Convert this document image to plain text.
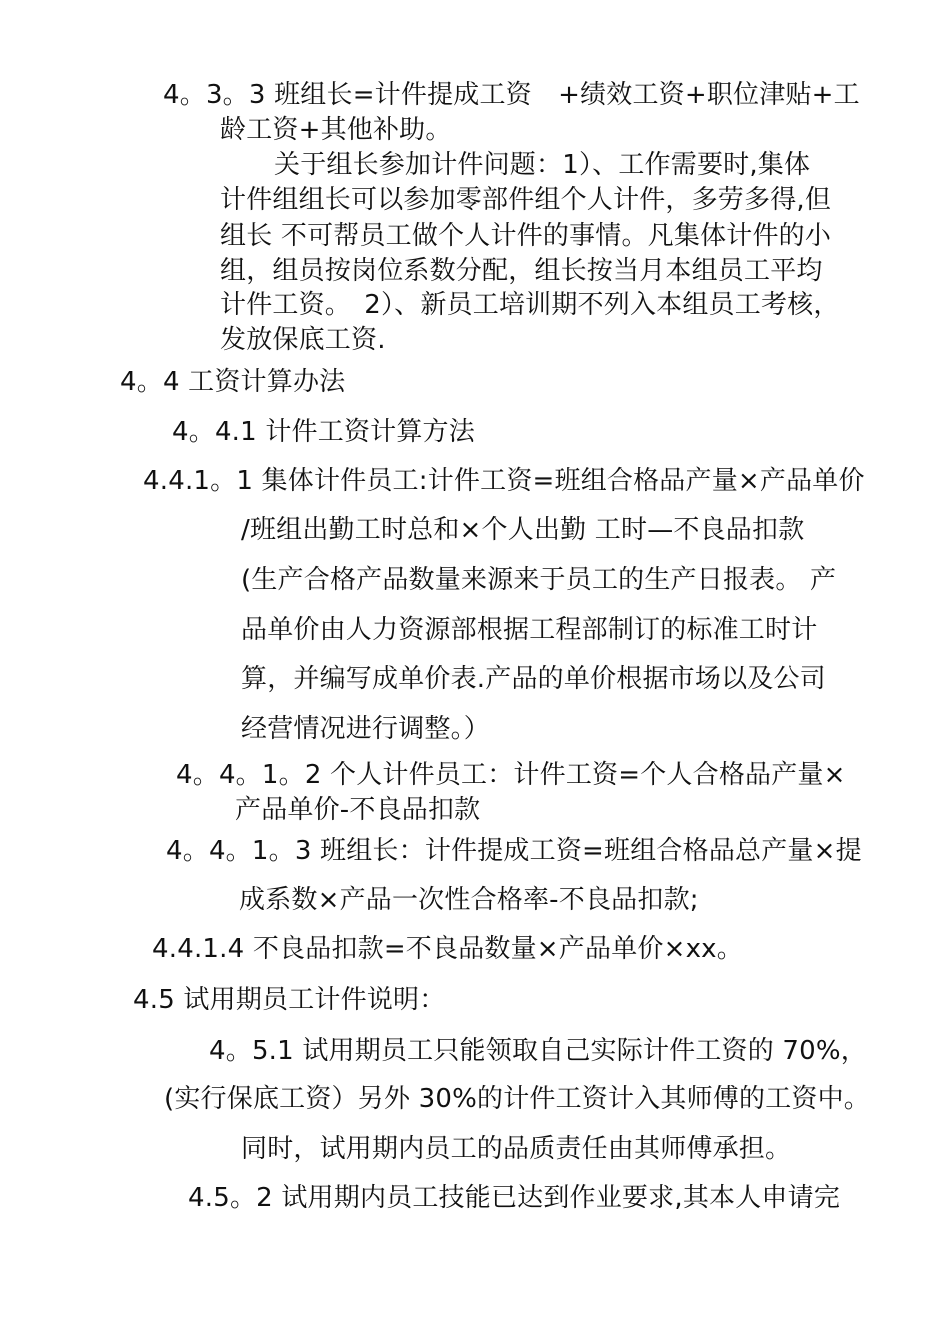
4。3。3 班组长=计件提成工资　+绩效工资+职位津贴+工
龄工资+其他补助。
关于组长参加计件问题：1）、工作需要时,集体
计件组组长可以参加零部件组个人计件，多劳多得,但
组长 不可帮员工做个人计件的事情。凡集体计件的小
组，组员按岗位系数分配，组长按当月本组员工平均
计件工资。　2）、新员工培训期不列入本组员工考核，
发放保底工资.
4。4 工资计算办法
4。4.1 计件工资计算方法
4.4.1。1 集体计件员工:计件工资=班组合格品产量×产品单价
/班组出勤工时总和×个人出勤 工时—不良品扣款
(生产合格产品数量来源来于员工的生产日报表。 产
品单价由人力资源部根据工程部制订的标准工时计
算，并编写成单价表.产品的单价根据市场以及公司
经营情况进行调整。）
4。4。1。2 个人计件员工：计件工资=个人合格品产量×
产品单价-不良品扣款
4。4。1。3 班组长：计件提成工资=班组合格品总产量×提
成系数×产品一次性合格率-不良品扣款;
4.4.1.4 不良品扣款=不良品数量×产品单价×xx。
4.5 试用期员工计件说明：
4。5.1 试用期员工只能领取自己实际计件工资的 70%，
(实行保底工资）另外 30%的计件工资计入其师傅的工资中。
同时，试用期内员工的品质责任由其师傅承担。
4.5。2 试用期内员工技能已达到作业要求,其本人申请完
